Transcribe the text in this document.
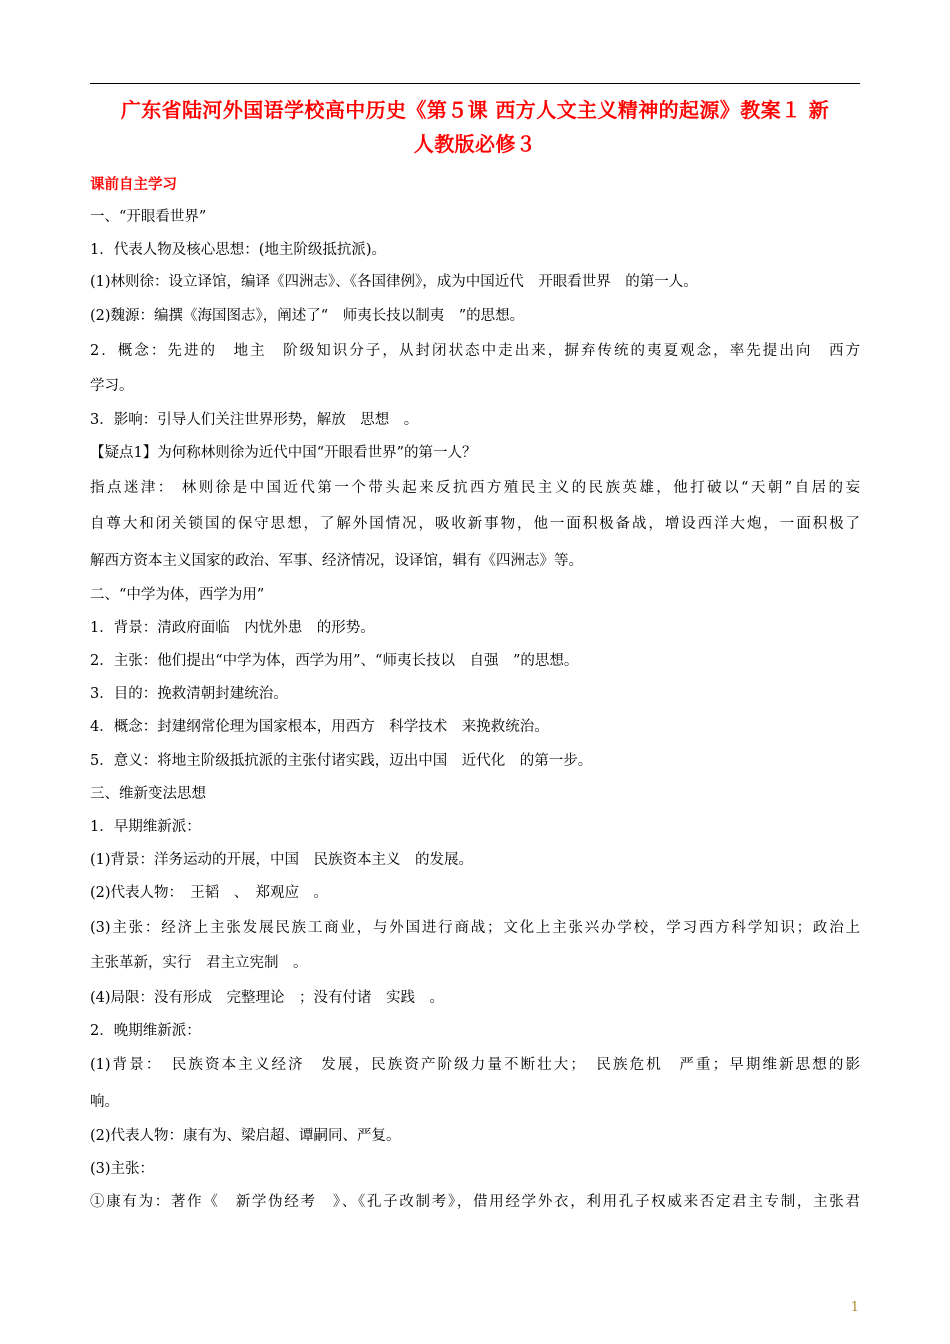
广东省陆河外国语学校高中历史《第５课 西方人文主义精神的起源》教案１ 新
人教版必修３
课前自主学习
一、“开眼看世界”
1．代表人物及核心思想：(地主阶级抵抗派)。
(1)林则徐：设立译馆，编译《四洲志》、《各国律例》，成为中国近代　开眼看世界　的第一人。
(2)魏源：编撰《海国图志》，阐述了“　师夷长技以制夷　”的思想。
2．概念：先进的　地主　阶级知识分子，从封闭状态中走出来，摒弃传统的夷夏观念，率先提出向　西方
学习。
3．影响：引导人们关注世界形势，解放　思想　。
【疑点1】为何称林则徐为近代中国“开眼看世界”的第一人？
指点迷津： 林则徐是中国近代第一个带头起来反抗西方殖民主义的民族英雄，他打破以“天朝”自居的妄
自尊大和闭关锁国的保守思想，了解外国情况，吸收新事物，他一面积极备战，增设西洋大炮，一面积极了
解西方资本主义国家的政治、军事、经济情况，设译馆，辑有《四洲志》等。
二、“中学为体，西学为用”
1．背景：清政府面临　内忧外患　的形势。
2．主张：他们提出“中学为体，西学为用”、“师夷长技以　自强　”的思想。
3．目的：挽救清朝封建统治。
4．概念：封建纲常伦理为国家根本，用西方　科学技术　来挽救统治。
5．意义：将地主阶级抵抗派的主张付诸实践，迈出中国　近代化　的第一步。
三、维新变法思想
1．早期维新派：
(1)背景：洋务运动的开展，中国　民族资本主义　的发展。
(2)代表人物：　王韬　、　郑观应　。
(3)主张：经济上主张发展民族工商业，与外国进行商战；文化上主张兴办学校，学习西方科学知识；政治上
主张革新，实行　君主立宪制　。
(4)局限：没有形成　完整理论　；没有付诸　实践　。
2．晚期维新派：
(1)背景：　民族资本主义经济　发展，民族资产阶级力量不断壮大；　民族危机　严重；早期维新思想的影
响。
(2)代表人物：康有为、梁启超、谭嗣同、严复。
(3)主张：
①康有为：著作《　新学伪经考　》、《孔子改制考》，借用经学外衣，利用孔子权威来否定君主专制，主张君
1
